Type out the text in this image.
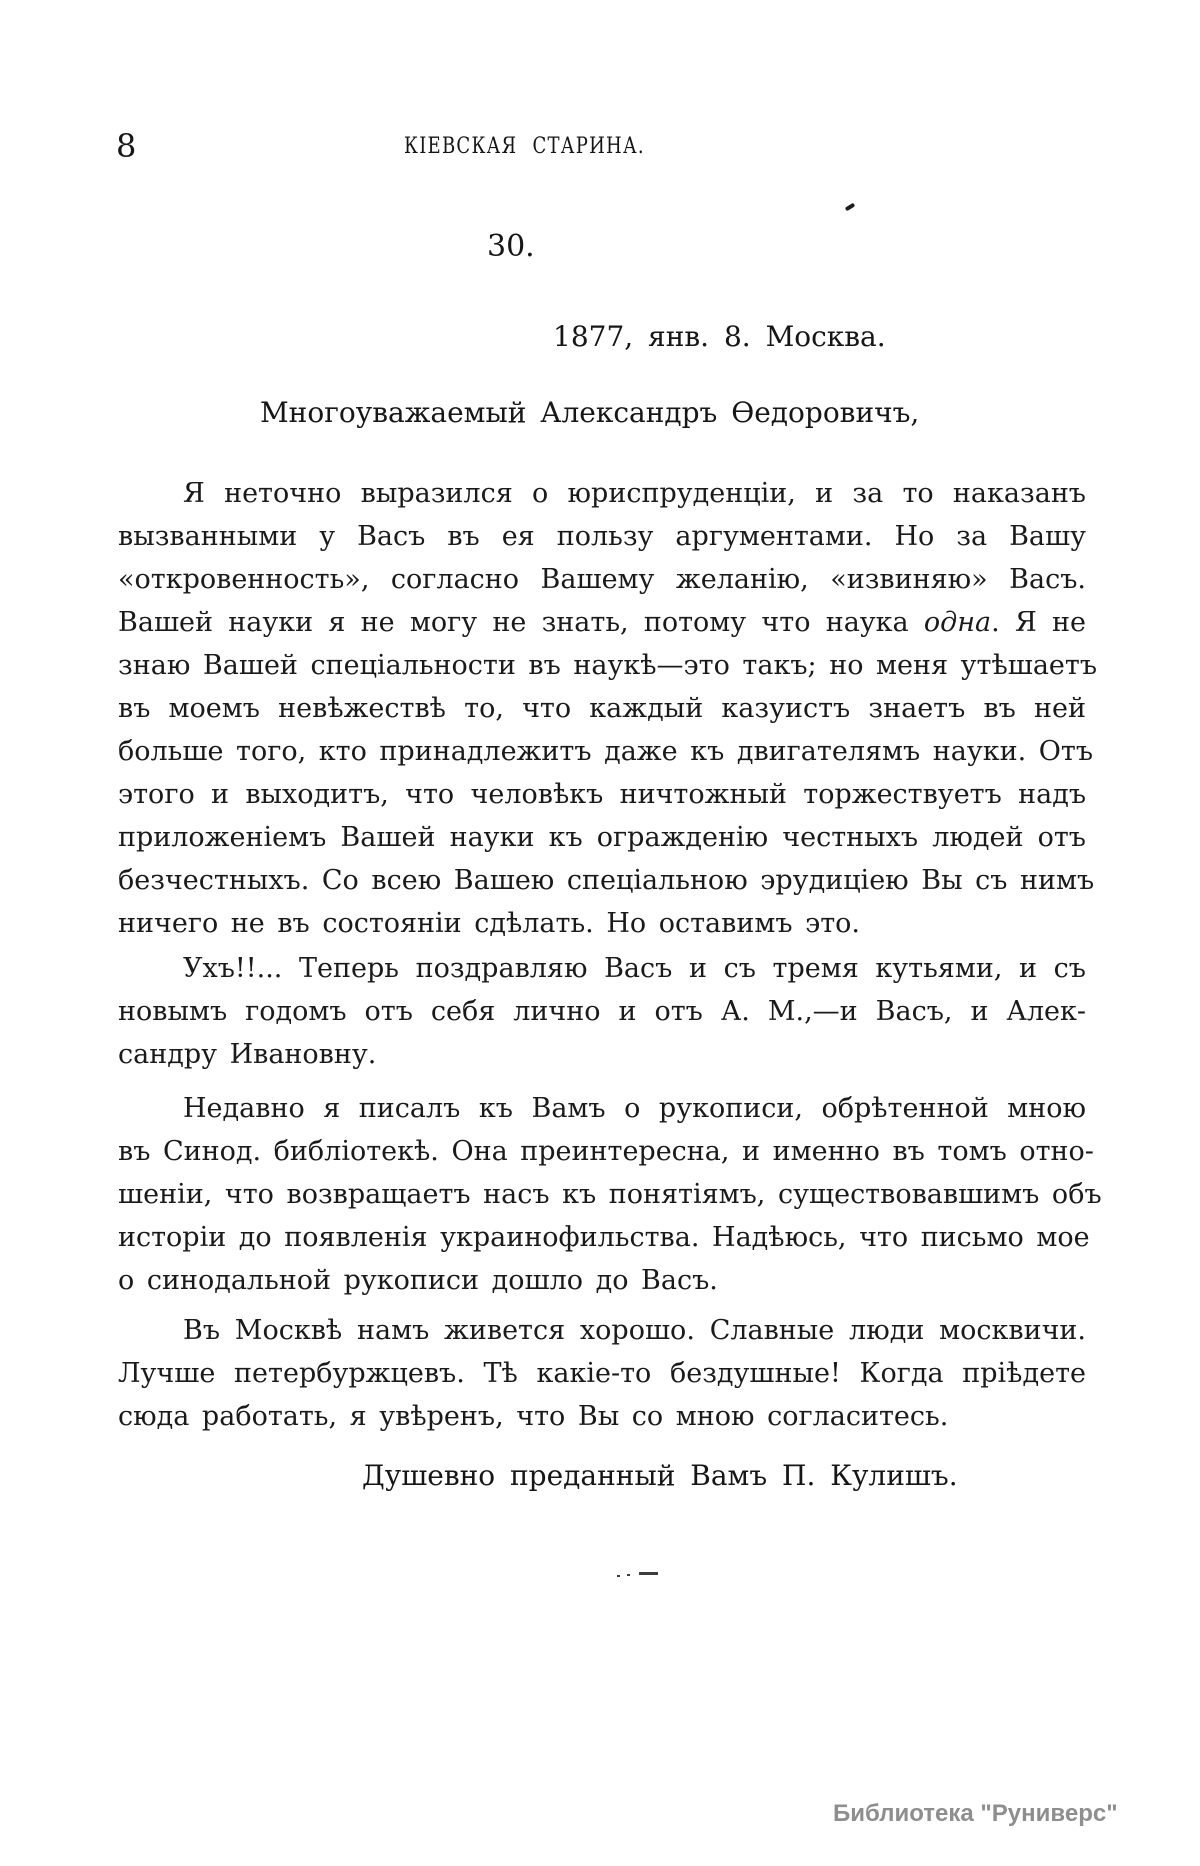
8	КІЕВСКАЯ СТАРИНА.
30.
1877, янв. 8. Москва.
Многоуважаемый Александръ Ѳедоровичъ,
Я неточно выразился о юриспруденціи, и за то наказанъ
вызванными у Васъ въ ея пользу аргументами. Но за Вашу
«откровенность», согласно Вашему желанію, «извиняю» Васъ.
Вашей науки я не могу не знать, потому что наука одна. Я не
знаю Вашей спеціальности въ наукѣ—это такъ; но меня утѣшаетъ
въ моемъ невѣжествѣ то, что каждый казуистъ знаетъ въ ней
больше того, кто принадлежитъ даже къ двигателямъ науки. Отъ
этого и выходитъ, что человѣкъ ничтожный торжествуетъ надъ
приложеніемъ Вашей науки къ огражденію честныхъ людей отъ
безчестныхъ. Со всею Вашею спеціальною эрудиціею Вы съ нимъ
ничего не въ состояніи сдѣлать. Но оставимъ это.
Ухъ!!... Теперь поздравляю Васъ и съ тремя кутьями, и съ
новымъ годомъ отъ себя лично и отъ А. М.,—и Васъ, и Алек-
сандру Ивановну.
Недавно я писалъ къ Вамъ о рукописи, обрѣтенной мною
въ Синод. библіотекѣ. Она преинтересна, и именно въ томъ отно-
шеніи, что возвращаетъ насъ къ понятіямъ, существовавшимъ объ
исторіи до появленія украинофильства. Надѣюсь, что письмо мое
о синодальной рукописи дошло до Васъ.
Въ Москвѣ намъ живется хорошо. Славные люди москвичи.
Лучше петербуржцевъ. Тѣ какіе-то бездушные! Когда пріѣдете
сюда работать, я увѣренъ, что Вы со мною согласитесь.
Душевно преданный Вамъ П. Кулишъ.
Библиотека "Руниверс"
